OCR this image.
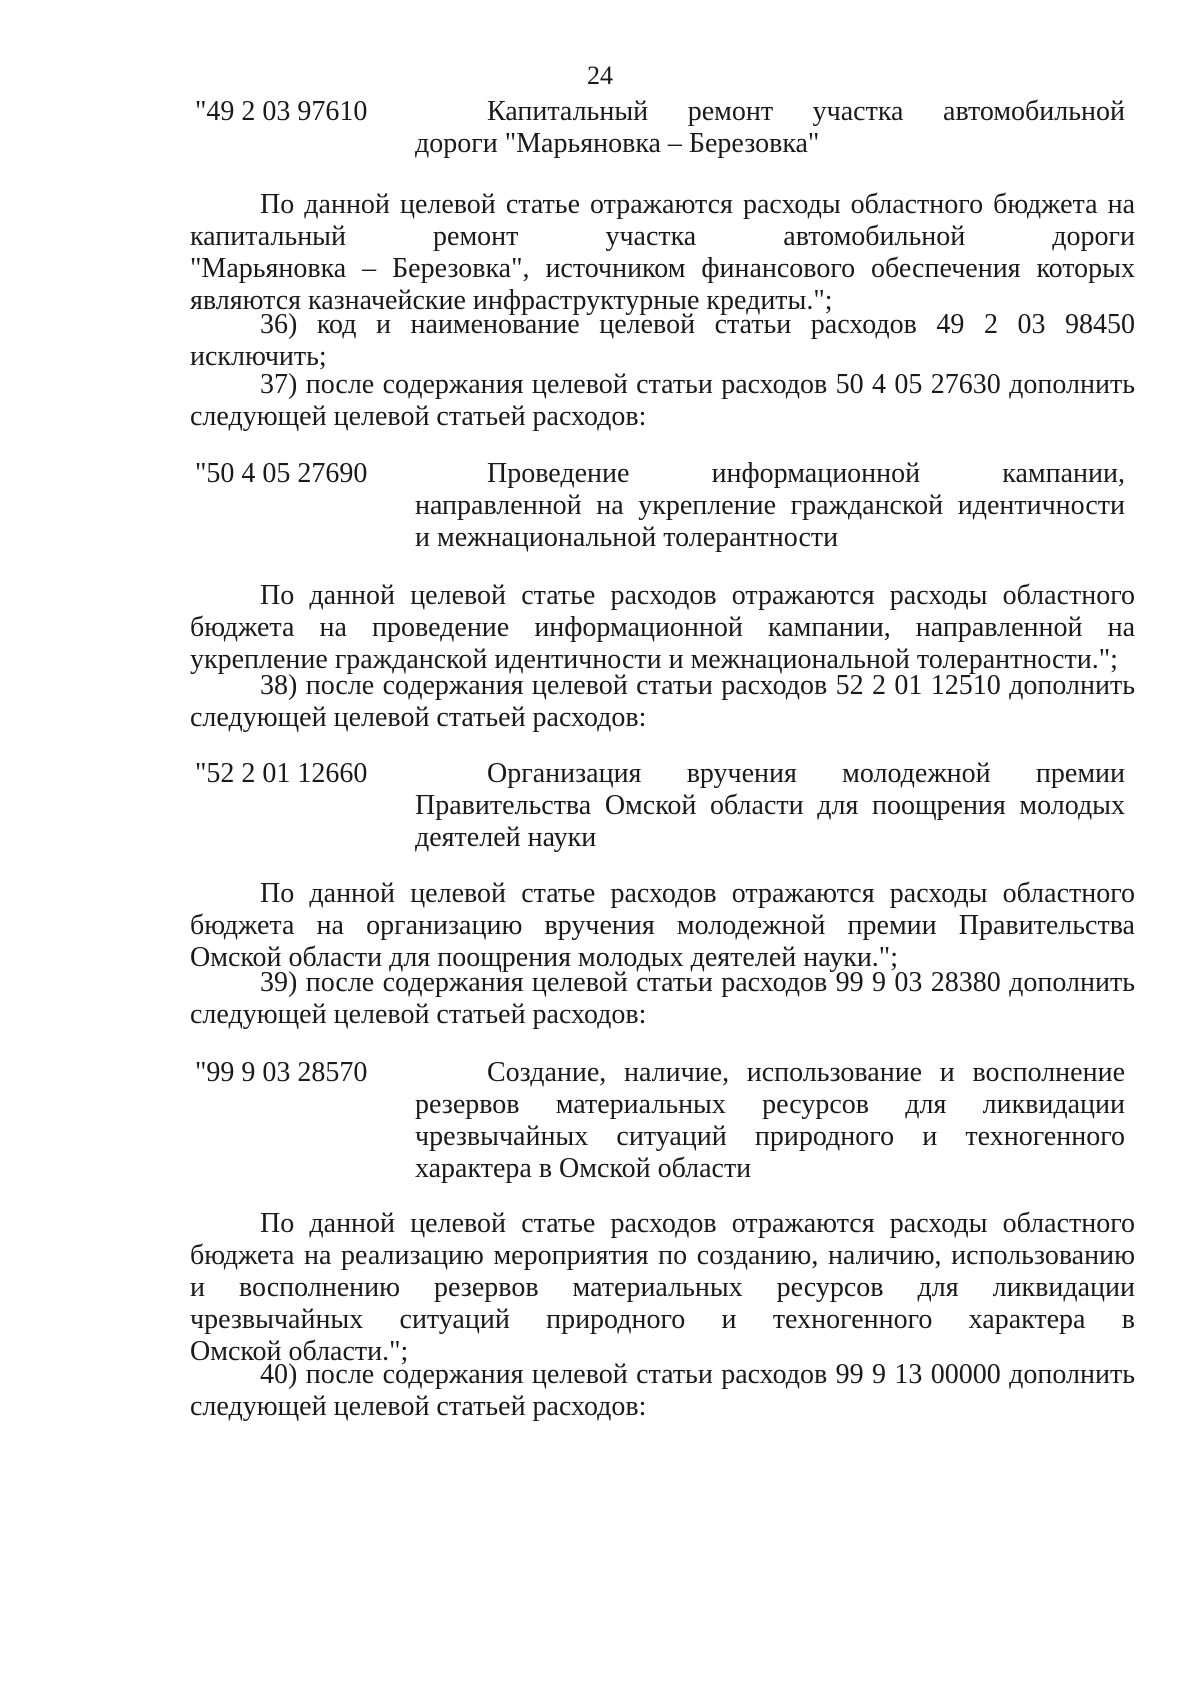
24
"49 2 03 97610	Капитальный ремонт участка автомобильной
дороги "Марьяновка – Березовка"
По данной целевой статье отражаются расходы областного бюджета на
капитальный ремонт участка автомобильной дороги
"Марьяновка – Березовка", источником финансового обеспечения которых
являются казначейские инфраструктурные кредиты.";
36) код и наименование целевой статьи расходов 49 2 03 98450
исключить;
37) после содержания целевой статьи расходов 50 4 05 27630 дополнить
следующей целевой статьей расходов:
"50 4 05 27690	Проведение информационной кампании,
направленной на укрепление гражданской идентичности
и межнациональной толерантности
По данной целевой статье расходов отражаются расходы областного
бюджета на проведение информационной кампании, направленной на
укрепление гражданской идентичности и межнациональной толерантности.";
38) после содержания целевой статьи расходов 52 2 01 12510 дополнить
следующей целевой статьей расходов:
"52 2 01 12660	Организация вручения молодежной премии
Правительства Омской области для поощрения молодых
деятелей науки
По данной целевой статье расходов отражаются расходы областного
бюджета на организацию вручения молодежной премии Правительства
Омской области для поощрения молодых деятелей науки.";
39) после содержания целевой статьи расходов 99 9 03 28380 дополнить
следующей целевой статьей расходов:
"99 9 03 28570	Создание, наличие, использование и восполнение
резервов материальных ресурсов для ликвидации
чрезвычайных ситуаций природного и техногенного
характера в Омской области
По данной целевой статье расходов отражаются расходы областного
бюджета на реализацию мероприятия по созданию, наличию, использованию
и восполнению резервов материальных ресурсов для ликвидации
чрезвычайных ситуаций природного и техногенного характера в
Омской области.";
40) после содержания целевой статьи расходов 99 9 13 00000 дополнить
следующей целевой статьей расходов:
